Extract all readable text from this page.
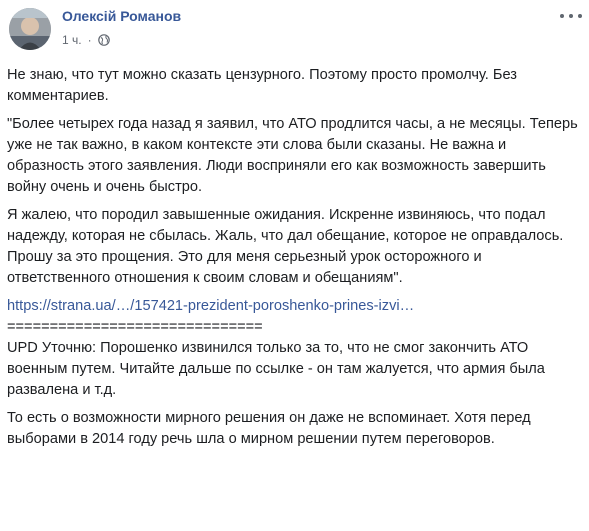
Олексій Романов
1 ч. ·

Не знаю, что тут можно сказать цензурного. Поэтому просто промолчу. Без комментариев.

"Более четырех года назад я заявил, что АТО продлится часы, а не месяцы. Теперь уже не так важно, в каком контексте эти слова были сказаны. Не важна и образность этого заявления. Люди восприняли его как возможность завершить войну очень и очень быстро.

Я жалею, что породил завышенные ожидания. Искренне извиняюсь, что подал надежду, которая не сбылась. Жаль, что дал обещание, которое не оправдалось. Прошу за это прощения. Это для меня серьезный урок осторожного и ответственного отношения к своим словам и обещаниям".

https://strana.ua/…/157421-prezident-poroshenko-prines-izvi…

==============================

UPD Уточню: Порошенко извинился только за то, что не смог закончить АТО военным путем. Читайте дальше по ссылке - он там жалуется, что армия была развалена и т.д.

То есть о возможности мирного решения он даже не вспоминает. Хотя перед выборами в 2014 году речь шла о мирном решении путем переговоров.
